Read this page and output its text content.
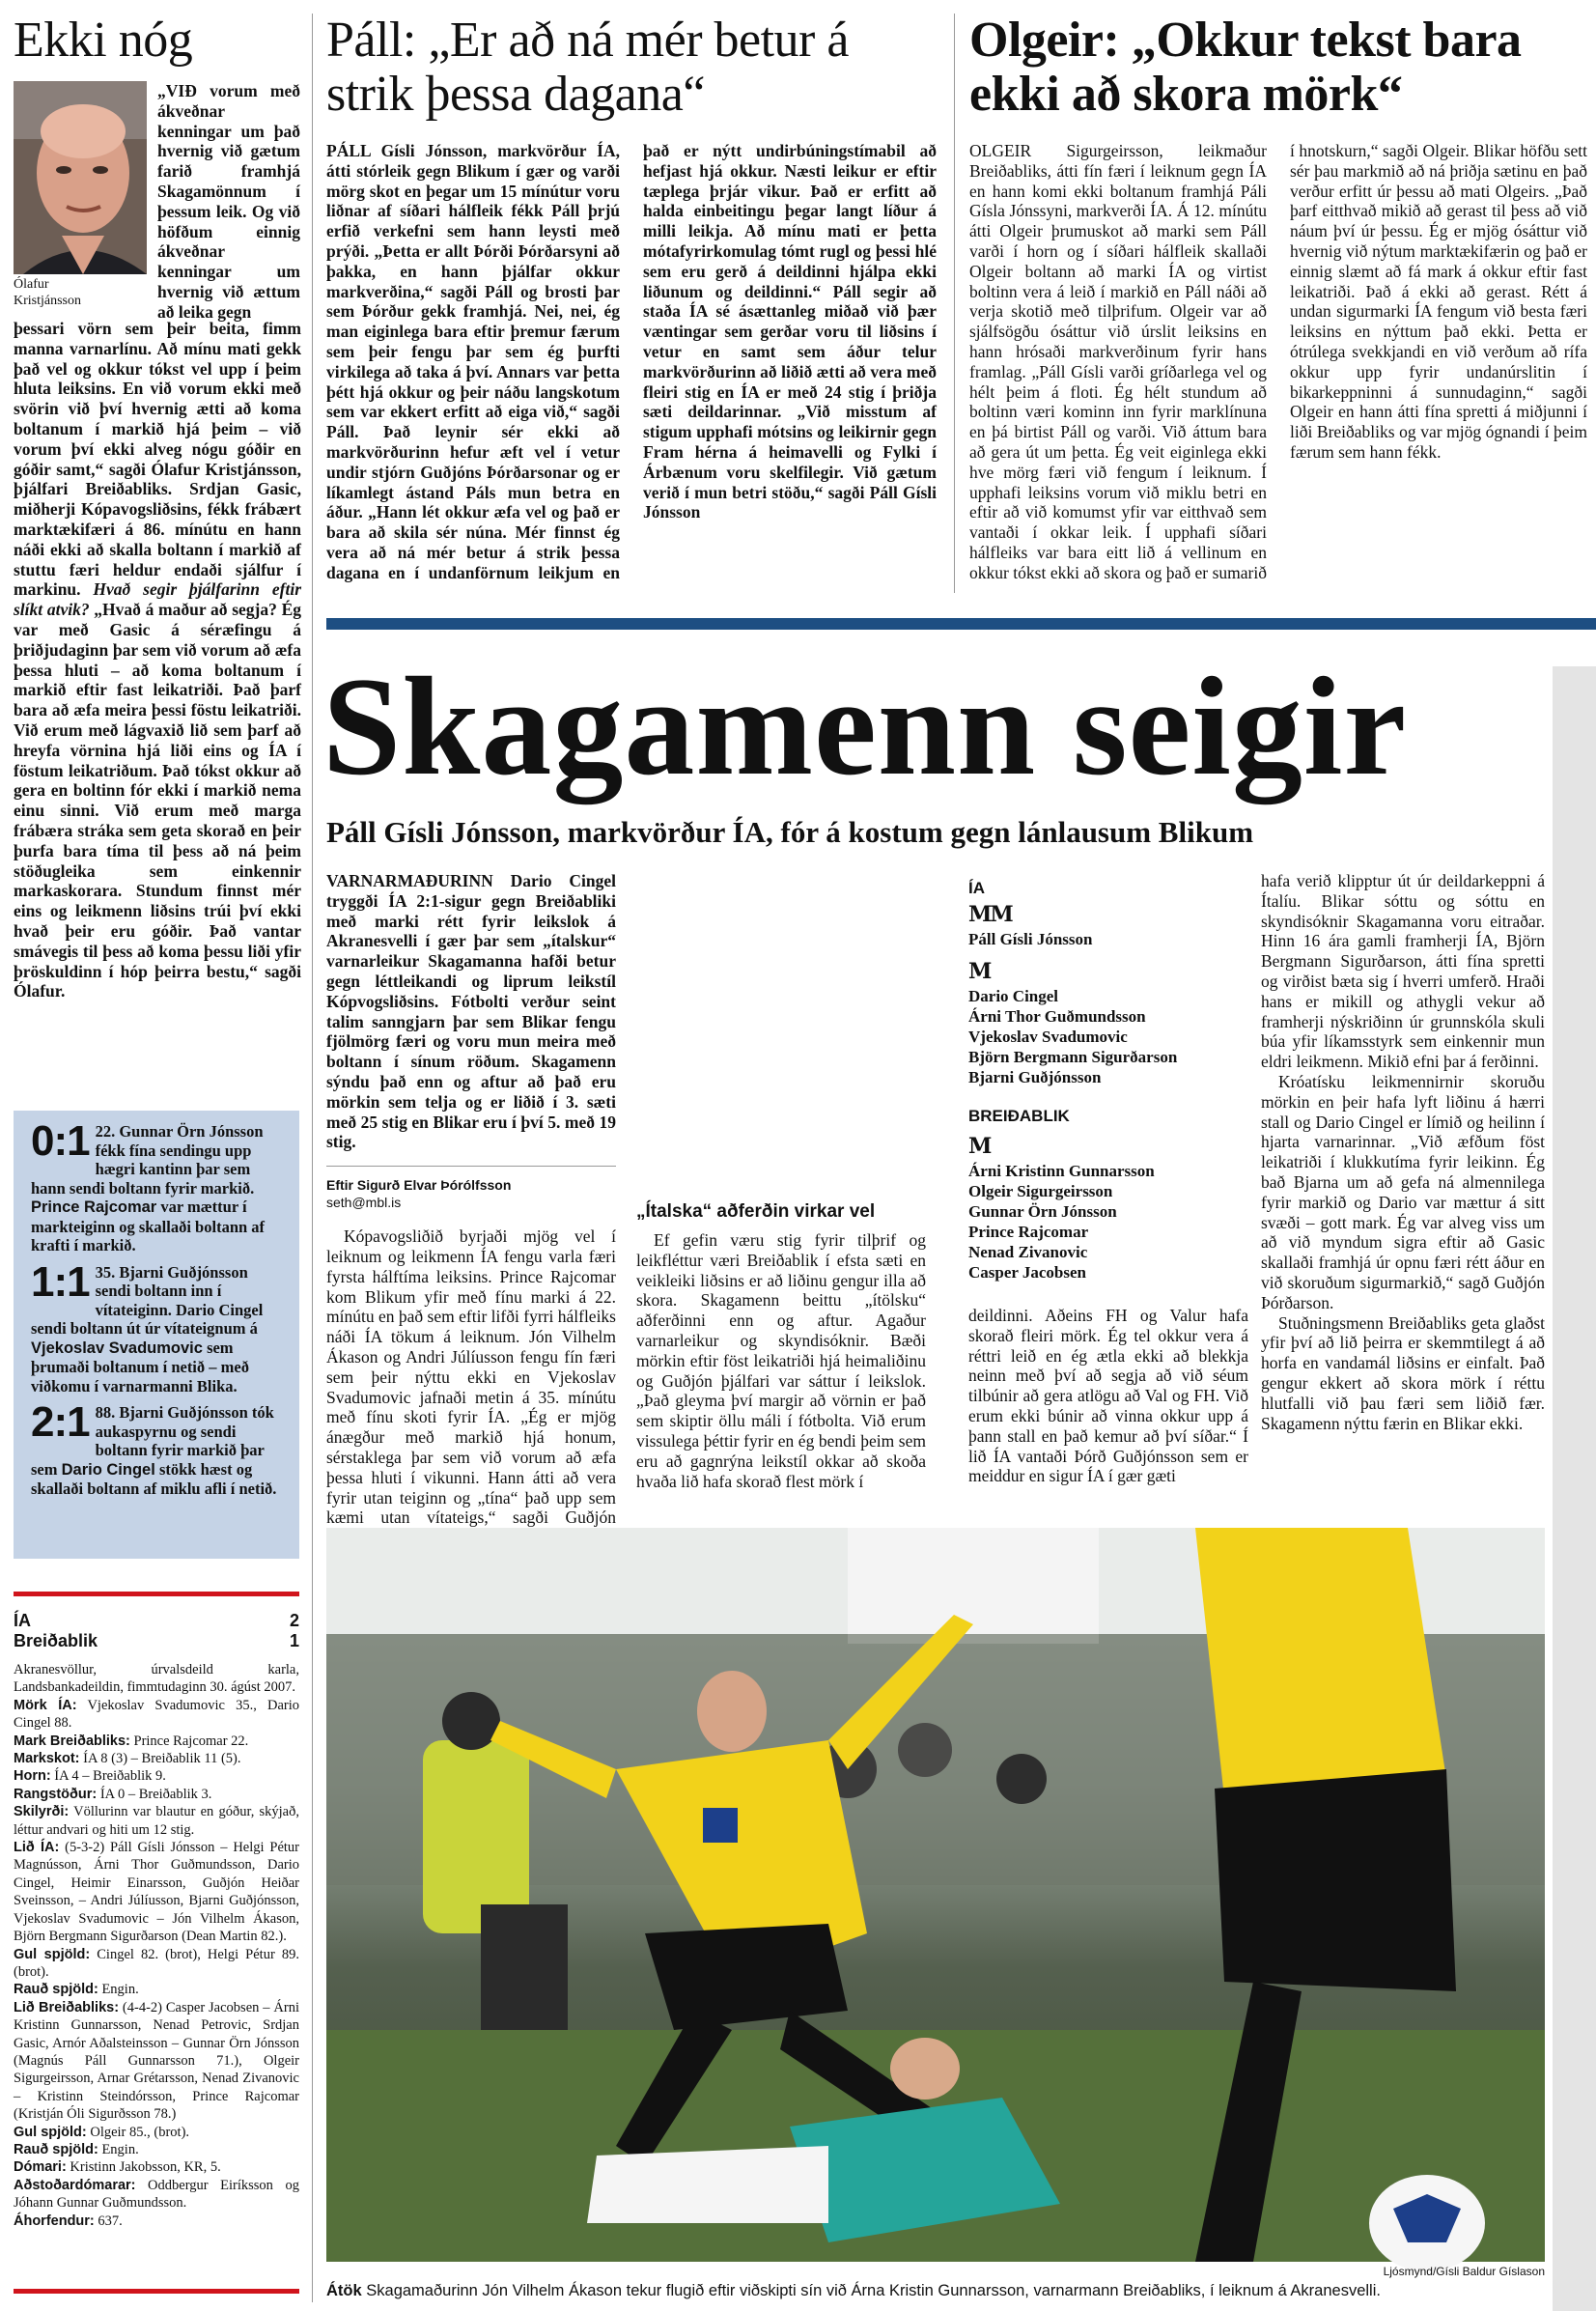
Ekki nóg
Ólafur
Kristjánsson
„VIÐ vorum með ákveðnar kenningar um það hvernig við gætum farið framhjá Skagamönnum í þessum leik. Og við höfðum einnig ákveðnar kenningar um hvernig við ættum að leika gegn
þessari vörn sem þeir beita, fimm manna varnarlínu. Að mínu mati gekk það vel og okkur tókst vel upp í þeim hluta leiksins. En við vorum ekki með svörin við því hvernig ætti að koma boltanum í markið hjá þeim – við vorum því ekki alveg nógu góðir en góðir samt,“ sagði Ólafur Kristjánsson, þjálfari Breiðabliks. Srdjan Gasic, miðherji Kópavogsliðsins, fékk frábært marktækifæri á 86. mínútu en hann náði ekki að skalla boltann í markið af stuttu færi heldur endaði sjálfur í markinu. Hvað segir þjálfarinn eftir slíkt atvik? „Hvað á maður að segja? Ég var með Gasic á séræfingu á þriðjudaginn þar sem við vorum að æfa þessa hluti – að koma boltanum í markið eftir fast leikatriði. Það þarf bara að æfa meira þessi föstu leikatriði. Við erum með lágvaxið lið sem þarf að hreyfa vörnina hjá liði eins og ÍA í föstum leikatriðum. Það tókst okkur að gera en boltinn fór ekki í markið nema einu sinni. Við erum með marga frábæra stráka sem geta skorað en þeir þurfa bara tíma til þess að ná þeim stöðugleika sem einkennir markaskorara. Stundum finnst mér eins og leikmenn liðsins trúi því ekki hvað þeir eru góðir. Það vantar smávegis til þess að koma þessu liði yfir þröskuldinn í hóp þeirra bestu,“ sagði Ólafur.
0:1 22. Gunnar Örn Jónsson fékk fína sendingu upp hægri kantinn þar sem hann sendi boltann fyrir markið. Prince Rajcomar var mættur í markteiginn og skallaði boltann af krafti í markið.
1:1 35. Bjarni Guðjónsson sendi boltann inn í vítateiginn. Dario Cingel sendi boltann út úr vítateignum á Vjekoslav Svadumovic sem þrumaði boltanum í netið – með viðkomu í varnarmanni Blika.
2:1 88. Bjarni Guðjónsson tók aukaspyrnu og sendi boltann fyrir markið þar sem Dario Cingel stökk hæst og skallaði boltann af miklu afli í netið.
ÍA	2
Breiðablik	1
Akranesvöllur, úrvalsdeild karla, Landsbankadeildin, fimmtudaginn 30. ágúst 2007.
Mörk ÍA: Vjekoslav Svadumovic 35., Dario Cingel 88.
Mark Breiðabliks: Prince Rajcomar 22.
Markskot: ÍA 8 (3) – Breiðablik 11 (5).
Horn: ÍA 4 – Breiðablik 9.
Rangstöður: ÍA 0 – Breiðablik 3.
Skilyrði: Völlurinn var blautur en góður, skýjað, léttur andvari og hiti um 12 stig.
Lið ÍA: (5-3-2) Páll Gísli Jónsson – Helgi Pétur Magnússon, Árni Thor Guðmundsson, Dario Cingel, Heimir Einarsson, Guðjón Heiðar Sveinsson, – Andri Júlíusson, Bjarni Guðjónsson, Vjekoslav Svadumovic – Jón Vilhelm Ákason, Björn Bergmann Sigurðarson (Dean Martin 82.).
Gul spjöld: Cingel 82. (brot), Helgi Pétur 89. (brot).
Rauð spjöld: Engin.
Lið Breiðabliks: (4-4-2) Casper Jacobsen – Árni Kristinn Gunnarsson, Nenad Petrovic, Srdjan Gasic, Arnór Aðalsteinsson – Gunnar Örn Jónsson (Magnús Páll Gunnarsson 71.), Olgeir Sigurgeirsson, Arnar Grétarsson, Nenad Zivanovic – Kristinn Steindórsson, Prince Rajcomar (Kristján Óli Sigurðsson 78.)
Gul spjöld: Olgeir 85., (brot).
Rauð spjöld: Engin.
Dómari: Kristinn Jakobsson, KR, 5.
Aðstoðardómarar: Oddbergur Eiríksson og Jóhann Gunnar Guðmundsson.
Áhorfendur: 637.
Páll: „Er að ná mér betur á strik þessa dagana“
PÁLL Gísli Jónsson, markvörður ÍA, átti stórleik gegn Blikum í gær og varði mörg skot en þegar um 15 mínútur voru liðnar af síðari hálfleik fékk Páll þrjú erfið verkefni sem hann leysti með prýði. „Þetta er allt Þórði Þórðarsyni að þakka, en hann þjálfar okkur markverðina,“ sagði Páll og brosti þar sem Þórður gekk framhjá. Nei, nei, ég man eiginlega bara eftir þremur færum sem þeir fengu þar sem ég þurfti virkilega að taka á því. Annars var þetta þétt hjá okkur og þeir náðu langskotum sem var ekkert erfitt að eiga við,“ sagði Páll. Það leynir sér ekki að markvörðurinn hefur æft vel í vetur undir stjórn Guðjóns Þórðarsonar og er líkamlegt ástand Páls mun betra en áður. „Hann lét okkur æfa vel og það er bara að skila sér núna. Mér finnst ég vera að ná mér betur á strik þessa dagana en í undanförnum leikjum en það er nýtt undirbúningstímabil að hefjast hjá okkur. Næsti leikur er eftir tæplega þrjár vikur. Það er erfitt að halda einbeitingu þegar langt líður á milli leikja. Að mínu mati er þetta mótafyrirkomulag tómt rugl og þessi hlé sem eru gerð á deildinni hjálpa ekki liðunum og deildinni.“ Páll segir að staða ÍA sé ásættanleg miðað við þær væntingar sem gerðar voru til liðsins í vetur en samt sem áður telur markvörðurinn að liðið ætti að vera með fleiri stig en ÍA er með 24 stig í þriðja sæti deildarinnar. „Við misstum af stigum upphafi mótsins og leikirnir gegn Fram hérna á heimavelli og Fylki í Árbænum voru skelfilegir. Við gætum verið í mun betri stöðu,“ sagði Páll Gísli Jónsson
Olgeir: „Okkur tekst bara ekki að skora mörk“
OLGEIR Sigurgeirsson, leikmaður Breiðabliks, átti fín færi í leiknum gegn ÍA en hann komi ekki boltanum framhjá Páli Gísla Jónssyni, markverði ÍA. Á 12. mínútu átti Olgeir þrumuskot að marki sem Páll varði í horn og í síðari hálfleik skallaði Olgeir boltann að marki ÍA og virtist boltinn vera á leið í markið en Páll náði að verja skotið með tilþrifum. Olgeir var að sjálfsögðu ósáttur við úrslit leiksins en hann hrósaði markverðinum fyrir hans framlag. „Páll Gísli varði gríðarlega vel og hélt þeim á floti. Ég hélt stundum að boltinn væri kominn inn fyrir marklínuna en þá birtist Páll og varði. Við áttum bara að gera út um þetta. Ég veit eiginlega ekki hve mörg færi við fengum í leiknum. Í upphafi leiksins vorum við miklu betri en eftir að við komumst yfir var eitthvað sem vantaði í okkar leik. Í upphafi síðari hálfleiks var bara eitt lið á vellinum en okkur tókst ekki að skora og það er sumarið í hnotskurn,“ sagði Olgeir. Blikar höfðu sett sér þau markmið að ná þriðja sætinu en það verður erfitt úr þessu að mati Olgeirs. „Það þarf eitthvað mikið að gerast til þess að við náum því úr þessu. Ég er mjög ósáttur við hvernig við nýtum marktækifærin og það er einnig slæmt að fá mark á okkur eftir fast leikatriði. Það á ekki að gerast. Rétt á undan sigurmarki ÍA fengum við besta færi leiksins en nýttum það ekki. Þetta er ótrúlega svekkjandi en við verðum að rífa okkur upp fyrir undanúrslitin í bikarkeppninni á sunnudaginn,“ sagði Olgeir en hann átti fína spretti á miðjunni í liði Breiðabliks og var mjög ógnandi í þeim færum sem hann fékk.
Skagamenn seigir
Páll Gísli Jónsson, markvörður ÍA, fór á kostum gegn lánlausum Blikum
VARNARMAÐURINN Dario Cingel tryggði ÍA 2:1-sigur gegn Breiðabliki með marki rétt fyrir leikslok á Akranesvelli í gær þar sem „ítalskur“ varnarleikur Skagamanna hafði betur gegn léttleikandi og liprum leikstíl Kópvogsliðsins. Fótbolti verður seint talim sanngjarn þar sem Blikar fengu fjölmörg færi og voru mun meira með boltann í sínum röðum. Skagamenn sýndu það enn og aftur að það eru mörkin sem telja og er liðið í 3. sæti með 25 stig en Blikar eru í því 5. með 19 stig.
Eftir Sigurð Elvar Þórólfsson
seth@mbl.is
Kópavogsliðið byrjaði mjög vel í leiknum og leikmenn ÍA fengu varla færi fyrsta hálftíma leiksins. Prince Rajcomar kom Blikum yfir með fínu marki á 22. mínútu en það sem eftir lifði fyrri hálfleiks náði ÍA tökum á leiknum. Jón Vilhelm Ákason og Andri Júlíusson fengu fín færi sem þeir nýttu ekki en Vjekoslav Svadumovic jafnaði metin á 35. mínútu með fínu skoti fyrir ÍA. „Ég er mjög ánægður með markið hjá honum, sérstaklega þar sem við vorum að æfa þessa hluti í vikunni. Hann átti að vera fyrir utan teiginn og „tína“ það upp sem kæmi utan vítateigs,“ sagði Guðjón
„Ítalska“ aðferðin virkar vel
Ef gefin væru stig fyrir tilþrif og leikfléttur væri Breiðablik í efsta sæti en veikleiki liðsins er að liðinu gengur illa að skora. Skagamenn beittu „ítölsku“ aðferðinni enn og aftur. Agaður varnarleikur og skyndisóknir. Bæði mörkin eftir föst leikatriði hjá heimaliðinu og Guðjón þjálfari var sáttur í leikslok. „Það gleyma því margir að vörnin er það sem skiptir öllu máli í fótbolta. Við erum vissulega þéttir fyrir en ég bendi þeim sem eru að gagnrýna leikstíl okkar að skoða hvaða lið hafa skorað flest mörk í
ÍA
MM
Páll Gísli Jónsson
M
Dario Cingel
Árni Thor Guðmundsson
Vjekoslav Svadumovic
Björn Bergmann Sigurðarson
Bjarni Guðjónsson
BREIÐABLIK
M
Árni Kristinn Gunnarsson
Olgeir Sigurgeirsson
Gunnar Örn Jónsson
Prince Rajcomar
Nenad Zivanovic
Casper Jacobsen
deildinni. Aðeins FH og Valur hafa skorað fleiri mörk. Ég tel okkur vera á réttri leið en ég ætla ekki að blekkja neinn með því að segja að við séum tilbúnir að gera atlögu að Val og FH. Við erum ekki búnir að vinna okkur upp á þann stall en það kemur að því síðar.“ Í lið ÍA vantaði Þórð Guðjónsson sem er meiddur en sigur ÍA í gær gæti
hafa verið klipptur út úr deildarkeppni á Ítalíu. Blikar sóttu og sóttu en skyndisóknir Skagamanna voru eitraðar. Hinn 16 ára gamli framherji ÍA, Björn Bergmann Sigurðarson, átti fína spretti og virðist bæta sig í hverri umferð. Hraði hans er mikill og athygli vekur að framherji nýskriðinn úr grunnskóla skuli búa yfir líkamsstyrk sem einkennir mun eldri leikmenn. Mikið efni þar á ferðinni.
Króatísku leikmennirnir skoruðu mörkin en þeir hafa lyft liðinu á hærri stall og Dario Cingel er límið og heilinn í hjarta varnarinnar. „Við æfðum föst leikatriði í klukkutíma fyrir leikinn. Ég bað Bjarna um að gefa ná almennilega fyrir markið og Dario var mættur á sitt svæði – gott mark. Ég var alveg viss um að við myndum sigra eftir að Gasic skallaði framhjá úr opnu færi rétt áður en við skoruðum sigurmarkið,“ sagð Guðjón Þórðarson.
Stuðningsmenn Breiðabliks geta glaðst yfir því að lið þeirra er skemmtilegt á að horfa en vandamál liðsins er einfalt. Það gengur ekkert að skora mörk í réttu hlutfalli við þau færi sem liðið fær. Skagamenn nýttu færin en Blikar ekki.
Ljósmynd/Gísli Baldur Gíslason
Átök Skagamaðurinn Jón Vilhelm Ákason tekur flugið eftir viðskipti sín við Árna Kristin Gunnarsson, varnarmann Breiðabliks, í leiknum á Akranesvelli.
